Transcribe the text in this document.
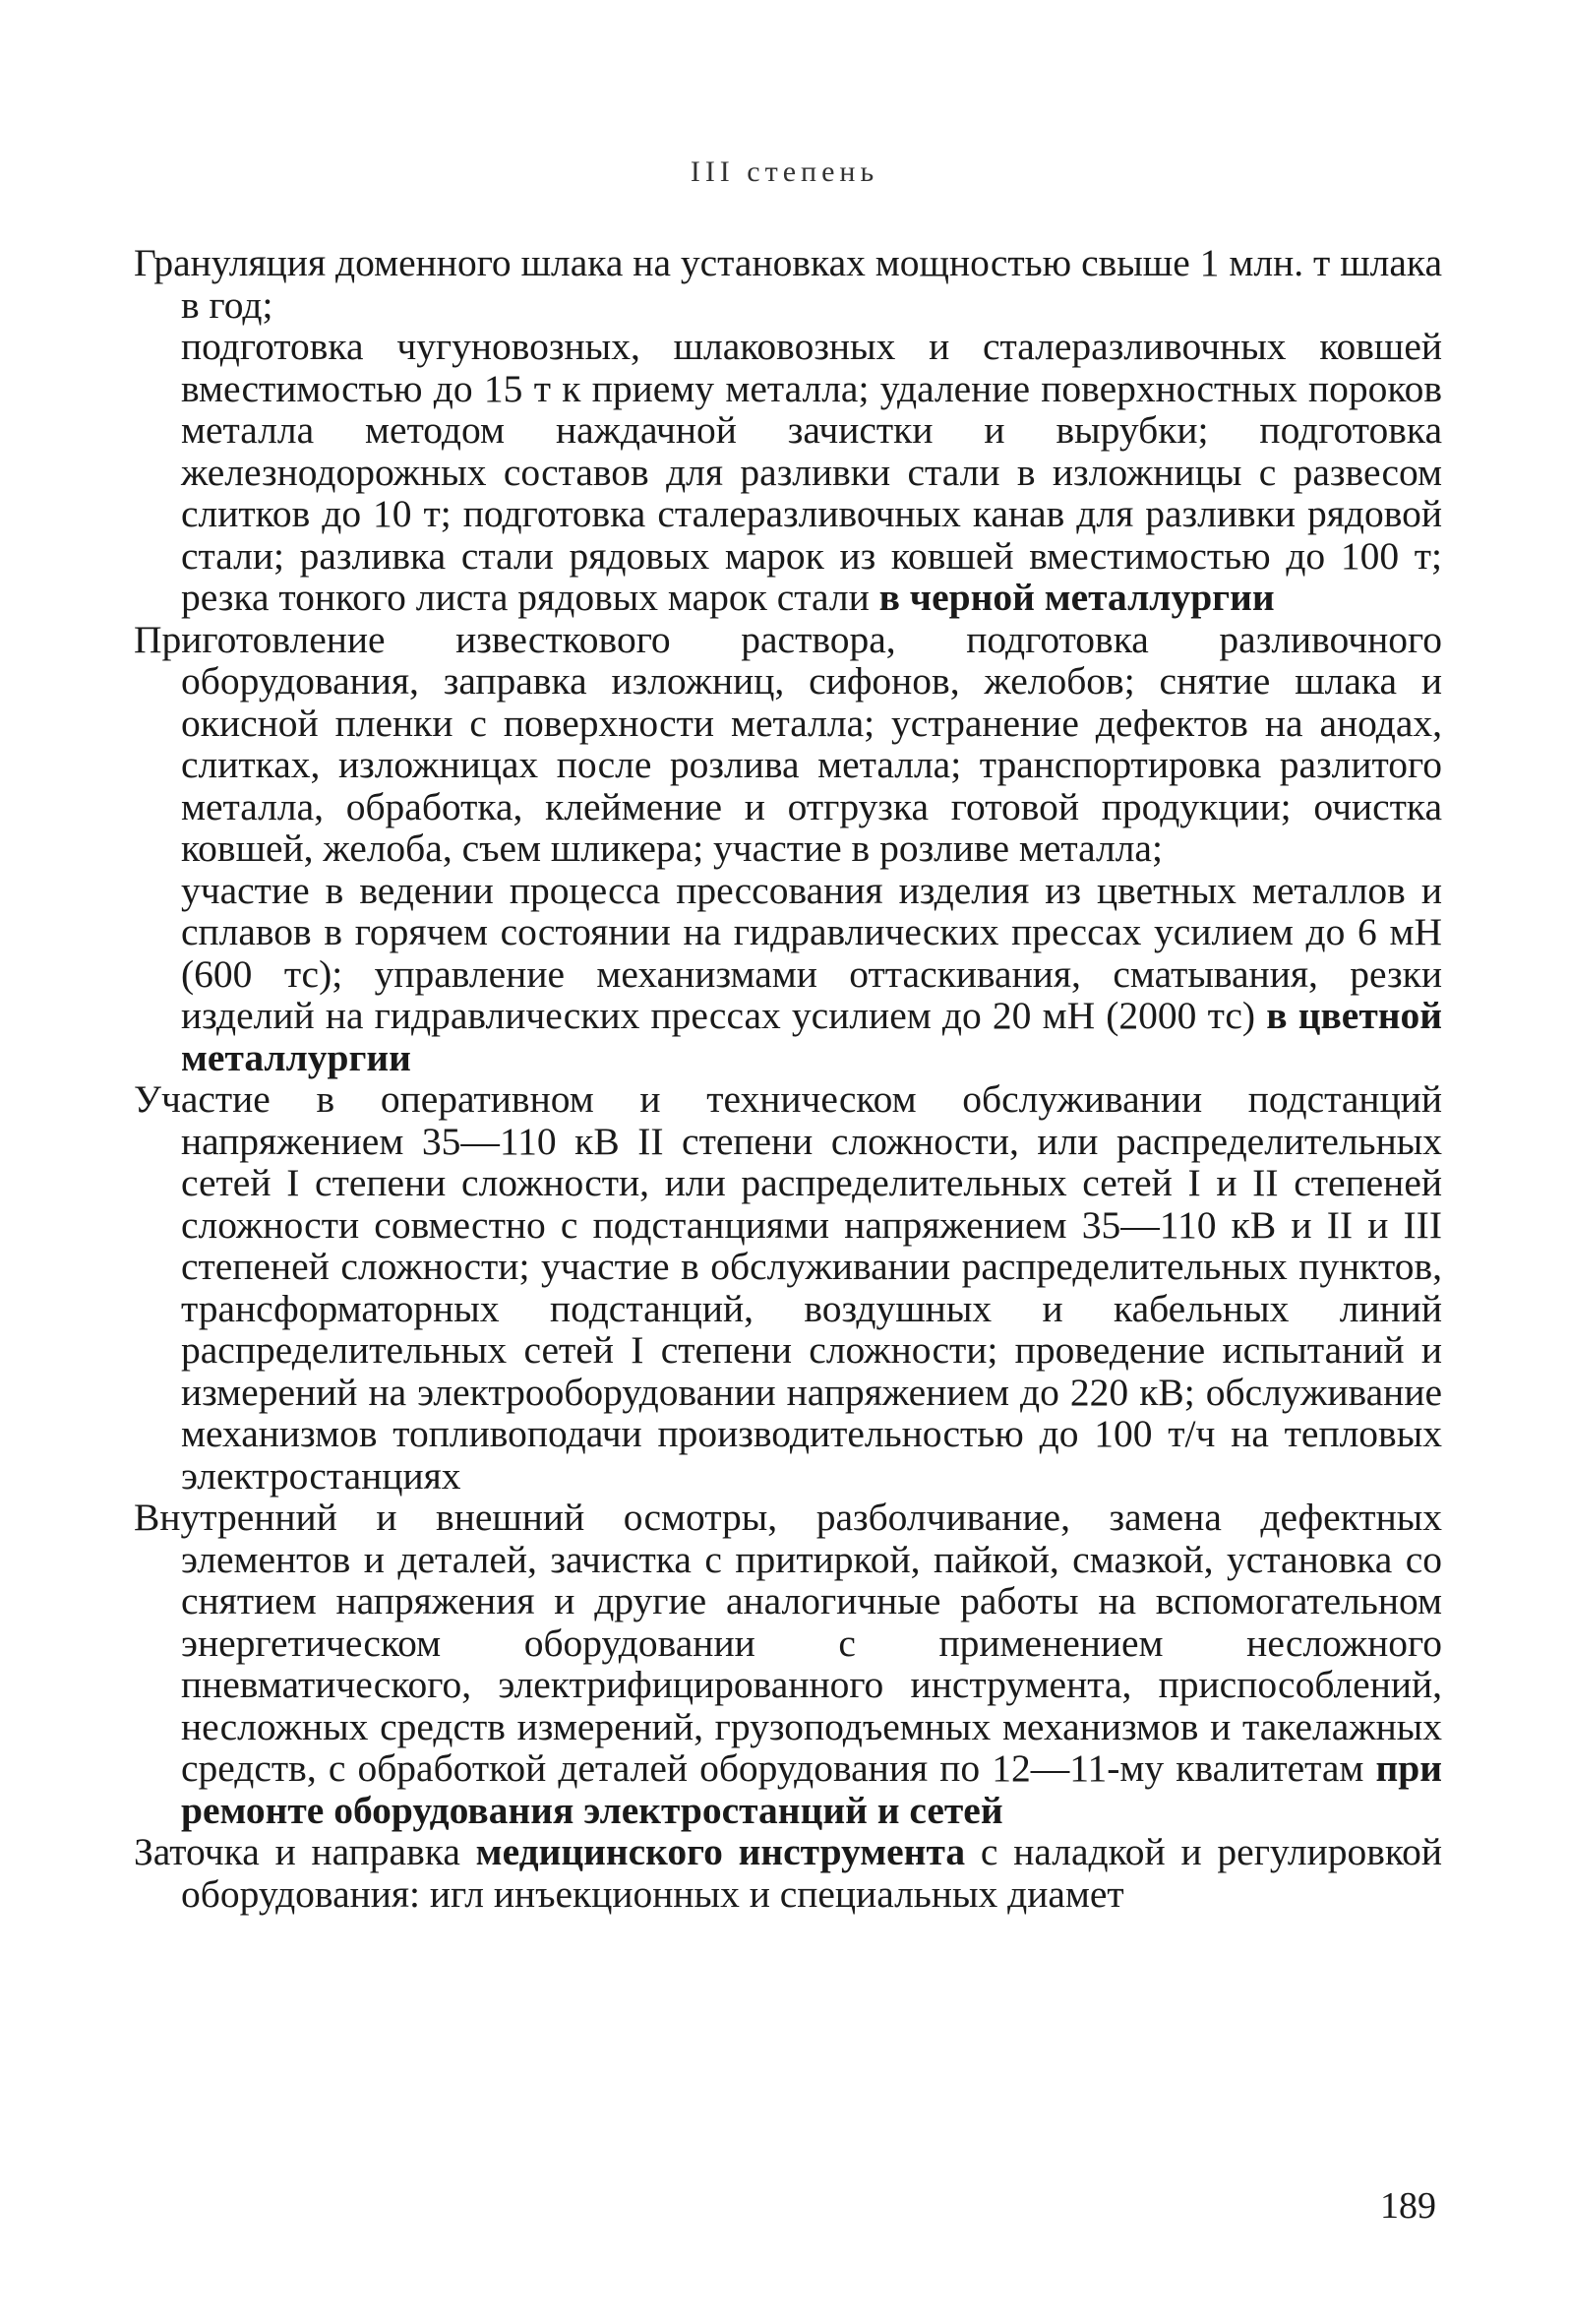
III степень

Грануляция доменного шлака на установках мощностью свыше 1 млн. т шлака в год;

подготовка чугуновозных, шлаковозных и сталеразливочных ковшей вместимостью до 15 т к приему металла; удаление поверхностных пороков металла методом наждачной зачистки и вырубки; подготовка железнодорожных составов для разливки стали в изложницы с развесом слитков до 10 т; подготовка сталеразливочных канав для разливки рядовой стали; разливка стали рядовых марок из ковшей вместимостью до 100 т; резка тонкого листа рядовых марок стали в черной металлургии

Приготовление известкового раствора, подготовка разливочного оборудования, заправка изложниц, сифонов, желобов; снятие шлака и окисной пленки с поверхности металла; устранение дефектов на анодах, слитках, изложницах после розлива металла; транспортировка разлитого металла, обработка, клеймение и отгрузка готовой продукции; очистка ковшей, желоба, съем шликера; участие в розливе металла;

участие в ведении процесса прессования изделия из цветных металлов и сплавов в горячем состоянии на гидравлических прессах усилием до 6 мН (600 тс); управление механизмами оттаскивания, сматывания, резки изделий на гидравлических прессах усилием до 20 мН (2000 тс) в цветной металлургии

Участие в оперативном и техническом обслуживании подстанций напряжением 35—110 кВ II степени сложности, или распределительных сетей I степени сложности, или распределительных сетей I и II степеней сложности совместно с подстанциями напряжением 35—110 кВ и II и III степеней сложности; участие в обслуживании распределительных пунктов, трансформаторных подстанций, воздушных и кабельных линий распределительных сетей I степени сложности; проведение испытаний и измерений на электрооборудовании напряжением до 220 кВ; обслуживание механизмов топливоподачи производительностью до 100 т/ч на тепловых электростанциях

Внутренний и внешний осмотры, разболчивание, замена дефектных элементов и деталей, зачистка с притиркой, пайкой, смазкой, установка со снятием напряжения и другие аналогичные работы на вспомогательном энергетическом оборудовании с применением несложного пневматического, электрифицированного инструмента, приспособлений, несложных средств измерений, грузоподъемных механизмов и такелажных средств, с обработкой деталей оборудования по 12—11-му квалитетам при ремонте оборудования электростанций и сетей

Заточка и направка медицинского инструмента с наладкой и регулировкой оборудования: игл инъекционных и специальных диамет

189
